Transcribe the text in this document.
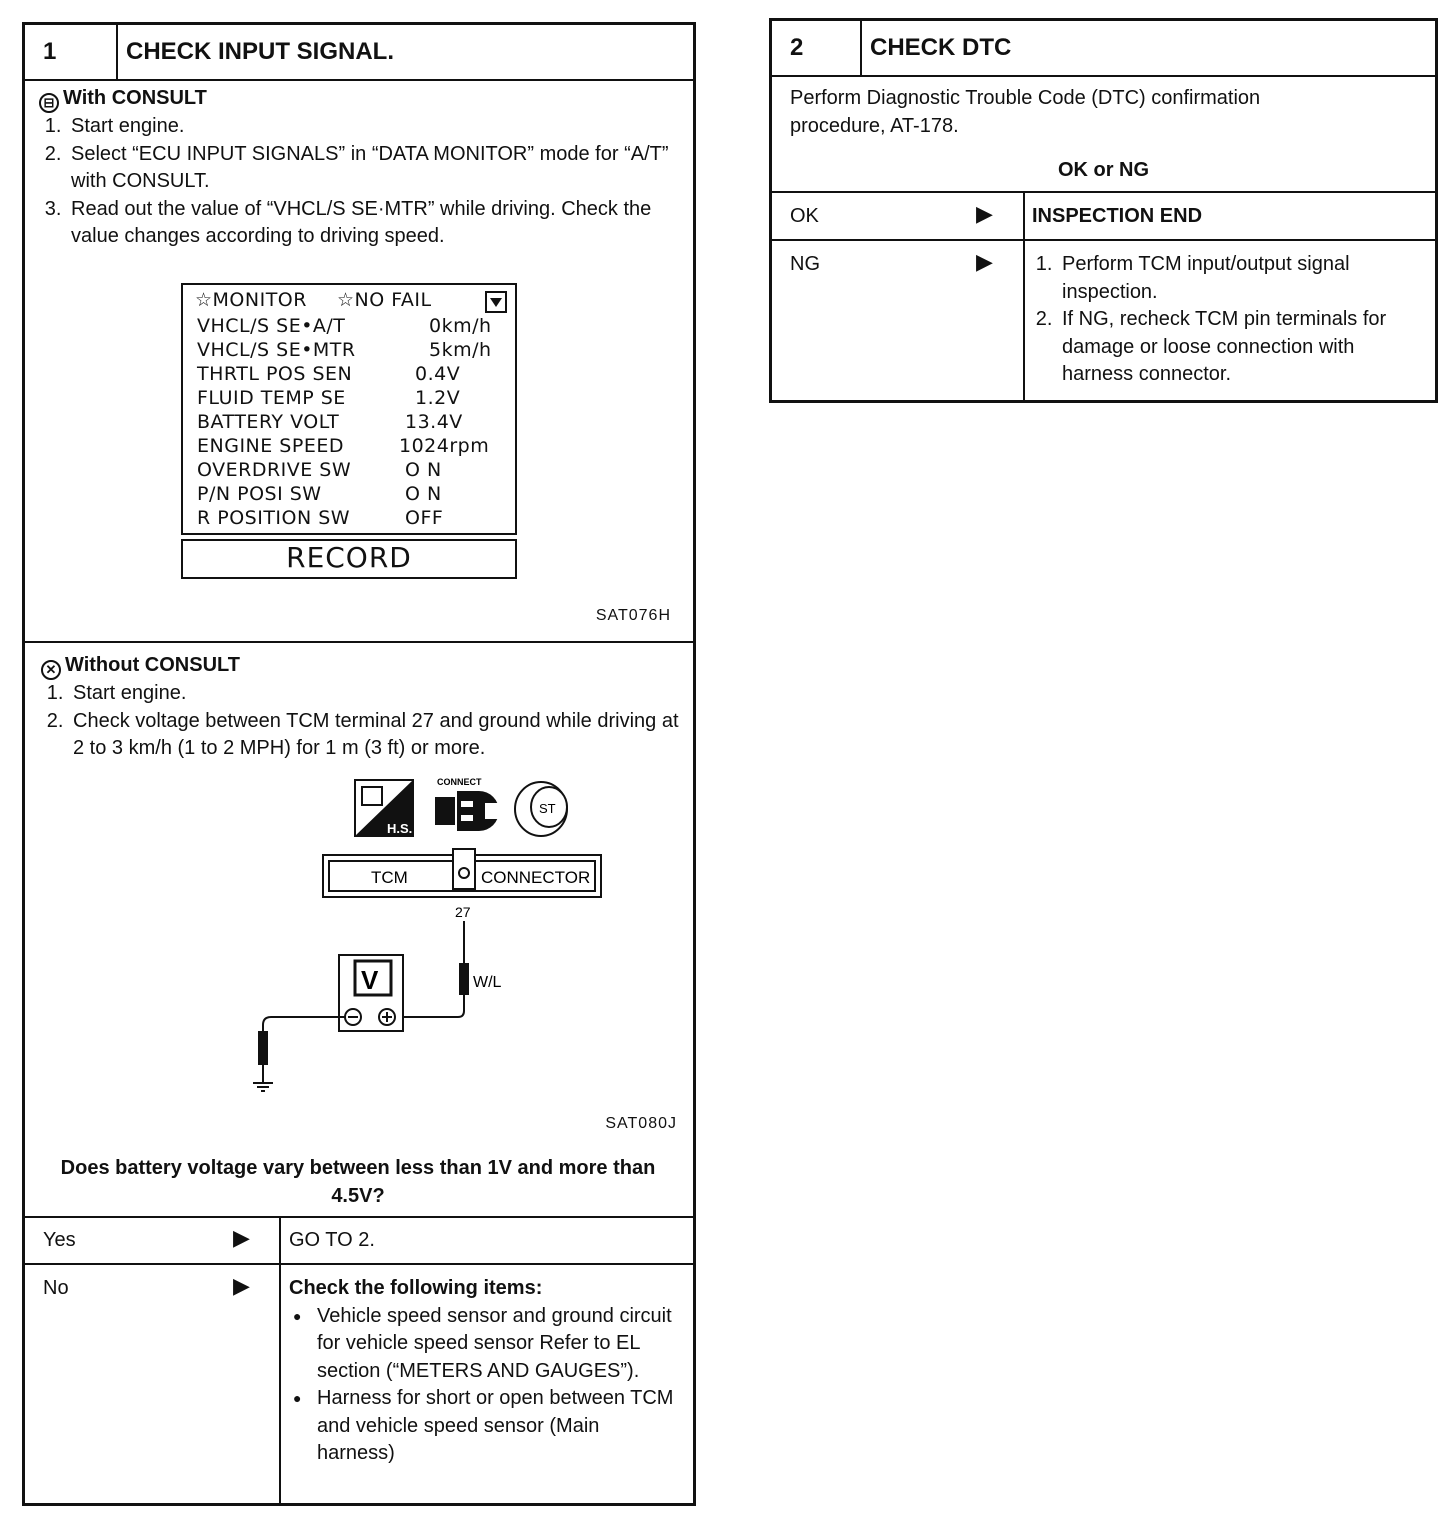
1	CHECK INPUT SIGNAL.
⊟ With CONSULT
1. Start engine.
2. Select “ECU INPUT SIGNALS” in “DATA MONITOR” mode for “A/T” with CONSULT.
3. Read out the value of “VHCL/S SE·MTR” while driving. Check the value changes according to driving speed.
☆MONITOR ☆NO FAIL
VHCL/S SE•A/T	0km/h
VHCL/S SE•MTR	5km/h
THRTL POS SEN	0.4V
FLUID TEMP SE	1.2V
BATTERY VOLT	13.4V
ENGINE SPEED	1024rpm
OVERDRIVE SW	O N
P/N POSI SW	O N
R POSITION SW	OFF
RECORD
SAT076H
✕ Without CONSULT
1. Start engine.
2. Check voltage between TCM terminal 27 and ground while driving at 2 to 3 km/h (1 to 2 MPH) for 1 m (3 ft) or more.
H.S.
CONNECT
ST
TCM	CONNECTOR
27
W/L
V
SAT080J
Does battery voltage vary between less than 1V and more than 4.5V?
Yes	▶ GO TO 2.
No	▶ Check the following items:
● Vehicle speed sensor and ground circuit for vehicle speed sensor Refer to EL section (“METERS AND GAUGES”).
● Harness for short or open between TCM and vehicle speed sensor (Main harness)
2	CHECK DTC
Perform Diagnostic Trouble Code (DTC) confirmation procedure, AT-178.
OK or NG
OK	▶ INSPECTION END
NG	▶
1.	Perform TCM input/output signal inspection.
2. If NG, recheck TCM pin terminals for damage or loose connection with harness connector.
